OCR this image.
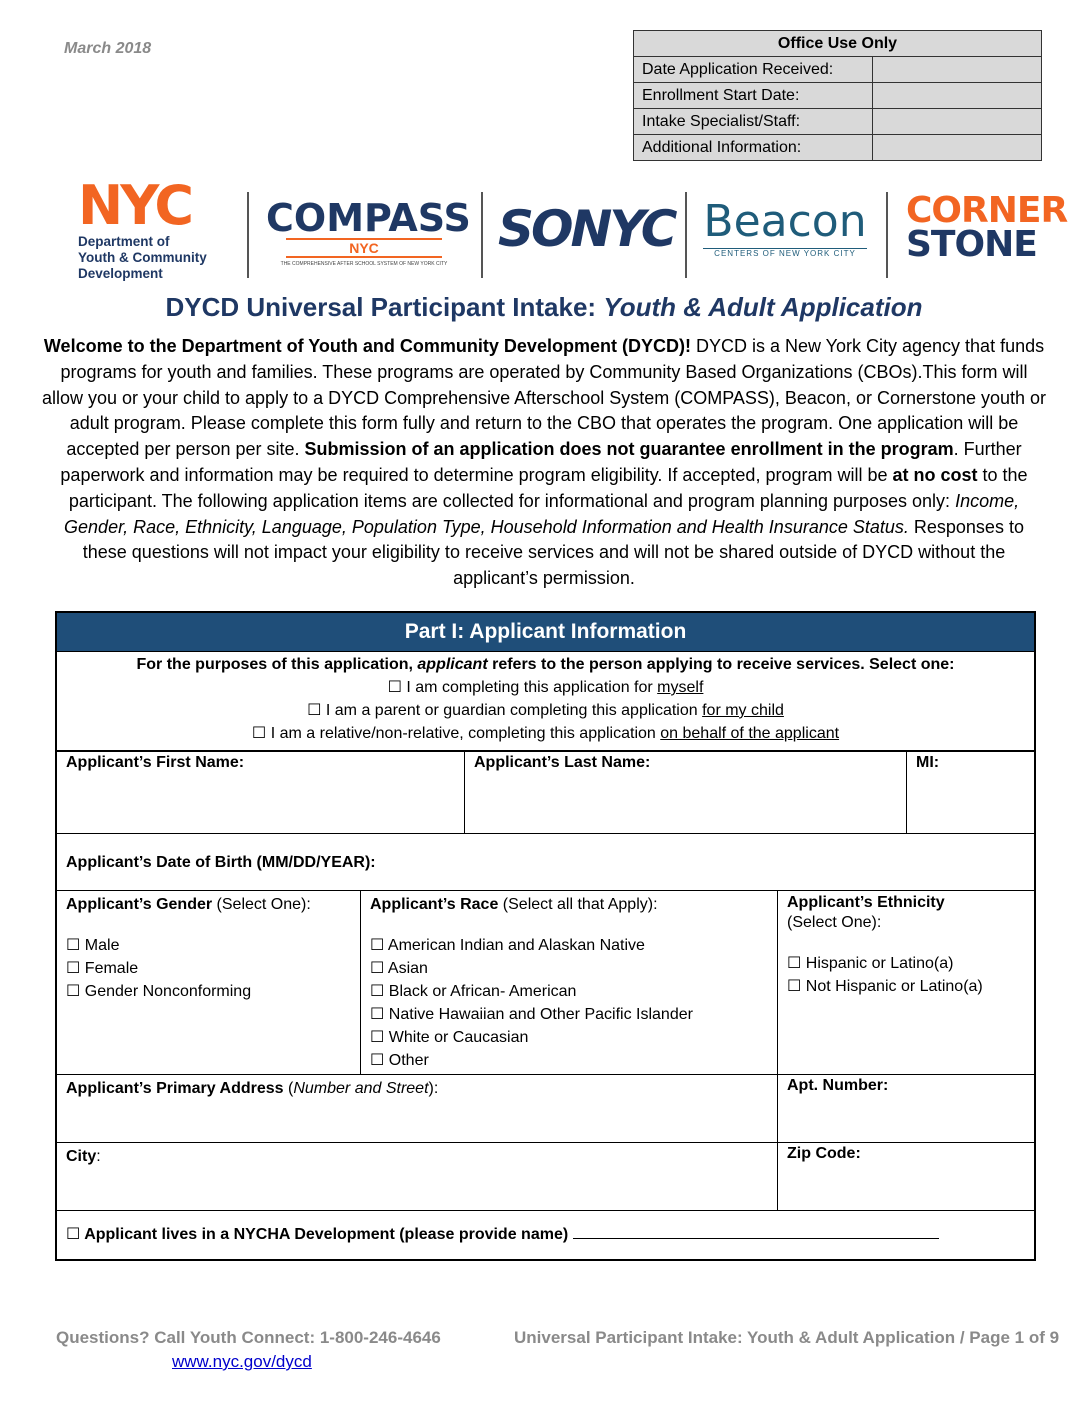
March 2018	Office Use Only	
Date Application Received:	
Enrollment Start Date:	
Intake Specialist/Staff:	
Additional Information:	
NYC
Department of
Youth & Community
Development
COMPASS
NYC
THE COMPREHENSIVE AFTER SCHOOL SYSTEM OF NEW YORK CITY
SONYC Beacon
CENTERS OF NEW YORK CITY
CORNER
STONE
DYCD Universal Participant Intake: Youth & Adult Application
Welcome to the Department of Youth and Community Development (DYCD)! DYCD is a New York City agency that funds programs for youth and families. These programs are operated by Community Based Organizations (CBOs).This form will allow you or your child to apply to a DYCD Comprehensive Afterschool System (COMPASS), Beacon, or Cornerstone youth or adult program. Please complete this form fully and return to the CBO that operates the program. One application will be accepted per person per site. Submission of an application does not guarantee enrollment in the program. Further paperwork and information may be required to determine program eligibility. If accepted, program will be at no cost to the participant. The following application items are collected for informational and program planning purposes only: Income, Gender, Race, Ethnicity, Language, Population Type, Household Information and Health Insurance Status. Responses to these questions will not impact your eligibility to receive services and will not be shared outside of DYCD without the applicant’s permission.
Part I: Applicant Information
For the purposes of this application, applicant refers to the person applying to receive services. Select one:
☐ I am completing this application for myself
☐ I am a parent or guardian completing this application for my child
☐ I am a relative/non-relative, completing this application on behalf of the applicant
Applicant’s First Name:	Applicant’s Last Name:	MI:
Applicant’s Date of Birth (MM/DD/YEAR):
Applicant’s Gender (Select One):
☐ Male
☐ Female
☐ Gender Nonconforming
Applicant’s Race (Select all that Apply):
☐ American Indian and Alaskan Native
☐ Asian
☐ Black or African- American
☐ Native Hawaiian and Other Pacific Islander
☐ White or Caucasian
☐ Other
Applicant’s Ethnicity
(Select One):
☐ Hispanic or Latino(a)
☐ Not Hispanic or Latino(a)
Applicant’s Primary Address (Number and Street):	Apt. Number:
City:	Zip Code:
☐ Applicant lives in a NYCHA Development (please provide name)
Questions? Call Youth Connect: 1-800-246-4646	Universal Participant Intake: Youth & Adult Application / Page 1 of 9
www.nyc.gov/dycd
